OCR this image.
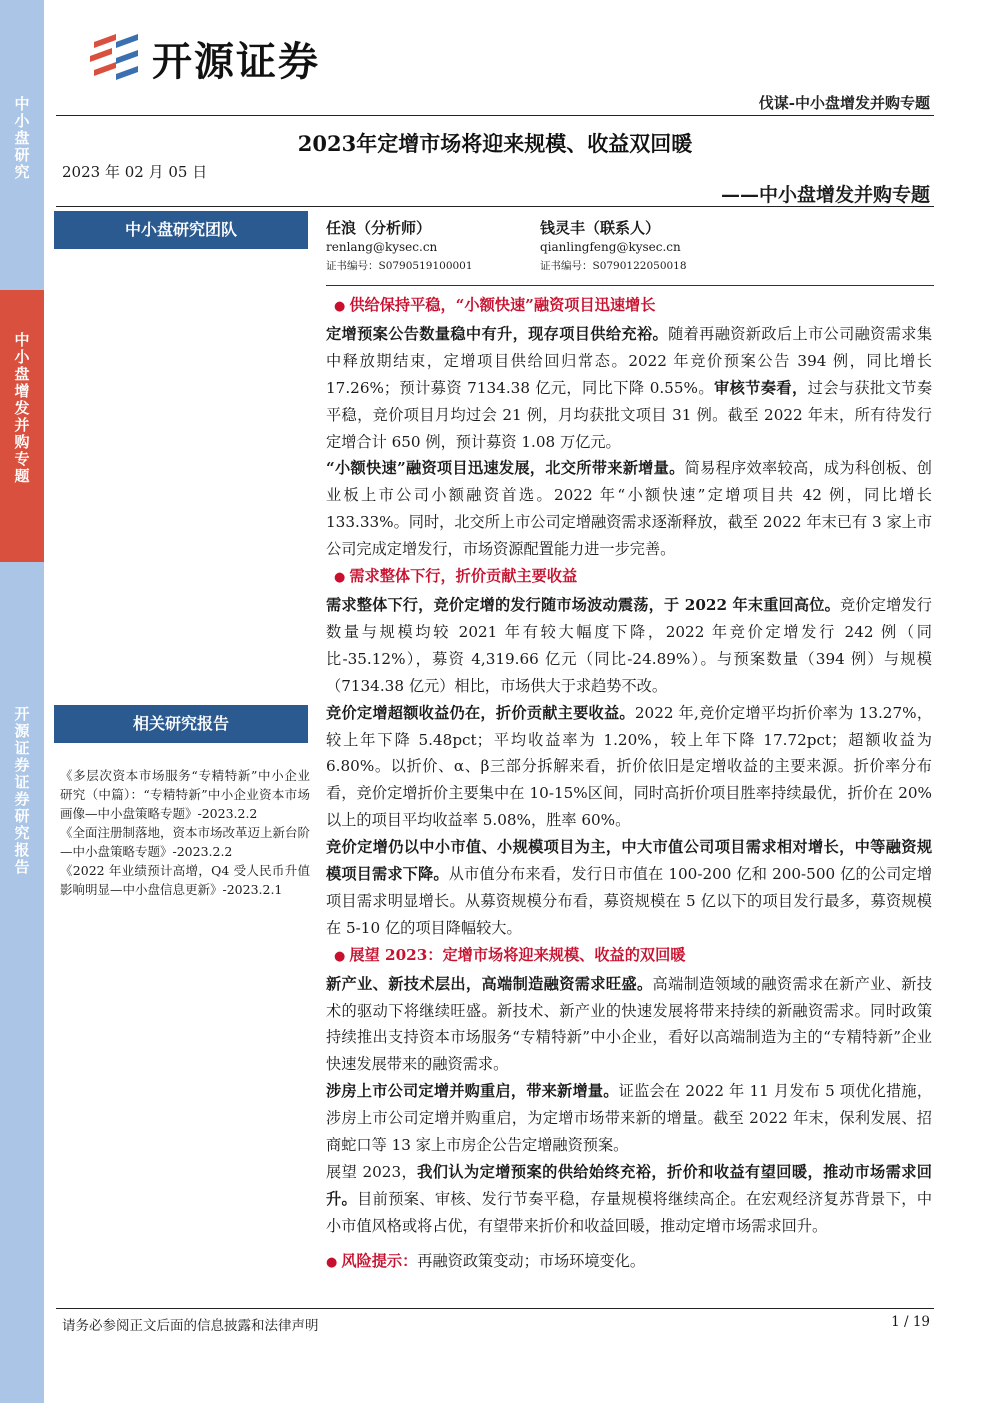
中小盘研究
中小盘增发并购专题
开源证券 证券研究报告
开源证券
伐谋-中小盘增发并购专题
2023年定增市场将迎来规模、收益双回暖
2023 年 02 月 05 日
——中小盘增发并购专题
中小盘研究团队	任浪（分析师）
renlang@kysec.cn
证书编号：S0790519100001
钱灵丰（联系人）
qianlingfeng@kysec.cn
证书编号：S0790122050018
相关研究报告

《多层次资本市场服务“专精特新”中小企业研究（中篇）：“专精特新”中小企业资本市场画像—中小盘策略专题》-2023.2.2

《全面注册制落地，资本市场改革迈上新台阶—中小盘策略专题》-2023.2.2

《2022 年业绩预计高增，Q4 受人民币升值影响明显—中小盘信息更新》-2023.2.1

● 供给保持平稳，“小额快速”融资项目迅速增长

定增预案公告数量稳中有升，现存项目供给充裕。随着再融资新政后上市公司融资需求集中释放期结束，定增项目供给回归常态。2022 年竞价预案公告 394 例，同比增长 17.26%；预计募资 7134.38 亿元，同比下降 0.55%。审核节奏看，过会与获批文节奏平稳，竞价项目月均过会 21 例，月均获批文项目 31 例。截至 2022 年末，所有待发行定增合计 650 例，预计募资 1.08 万亿元。

“小额快速”融资项目迅速发展，北交所带来新增量。简易程序效率较高，成为科创板、创业板上市公司小额融资首选。2022 年“小额快速”定增项目共 42 例，同比增长 133.33%。同时，北交所上市公司定增融资需求逐渐释放，截至 2022 年末已有 3 家上市公司完成定增发行，市场资源配置能力进一步完善。

● 需求整体下行，折价贡献主要收益

需求整体下行，竞价定增的发行随市场波动震荡，于 2022 年末重回高位。竞价定增发行数量与规模均较 2021 年有较大幅度下降，2022 年竞价定增发行 242 例（同比-35.12%），募资 4,319.66 亿元（同比-24.89%）。与预案数量（394 例）与规模（7134.38 亿元）相比，市场供大于求趋势不改。

竞价定增超额收益仍在，折价贡献主要收益。2022 年,竞价定增平均折价率为 13.27%，较上年下降 5.48pct；平均收益率为 1.20%，较上年下降 17.72pct；超额收益为 6.80%。以折价、α、β三部分拆解来看，折价依旧是定增收益的主要来源。折价率分布看，竞价定增折价主要集中在 10-15%区间，同时高折价项目胜率持续最优，折价在 20%以上的项目平均收益率 5.08%，胜率 60%。

竞价定增仍以中小市值、小规模项目为主，中大市值公司项目需求相对增长，中等融资规模项目需求下降。从市值分布来看，发行日市值在 100-200 亿和 200-500 亿的公司定增项目需求明显增长。从募资规模分布看，募资规模在 5 亿以下的项目发行最多，募资规模在 5-10 亿的项目降幅较大。

● 展望 2023：定增市场将迎来规模、收益的双回暖

新产业、新技术层出，高端制造融资需求旺盛。高端制造领域的融资需求在新产业、新技术的驱动下将继续旺盛。新技术、新产业的快速发展将带来持续的新融资需求。同时政策持续推出支持资本市场服务“专精特新”中小企业，看好以高端制造为主的“专精特新”企业快速发展带来的融资需求。

涉房上市公司定增并购重启，带来新增量。证监会在 2022 年 11 月发布 5 项优化措施，涉房上市公司定增并购重启，为定增市场带来新的增量。截至 2022 年末，保利发展、招商蛇口等 13 家上市房企公告定增融资预案。

展望 2023，我们认为定增预案的供给始终充裕，折价和收益有望回暖，推动市场需求回升。目前预案、审核、发行节奏平稳，存量规模将继续高企。在宏观经济复苏背景下，中小市值风格或将占优，有望带来折价和收益回暖，推动定增市场需求回升。

● 风险提示：再融资政策变动；市场环境变化。

请务必参阅正文后面的信息披露和法律声明	1 / 19
